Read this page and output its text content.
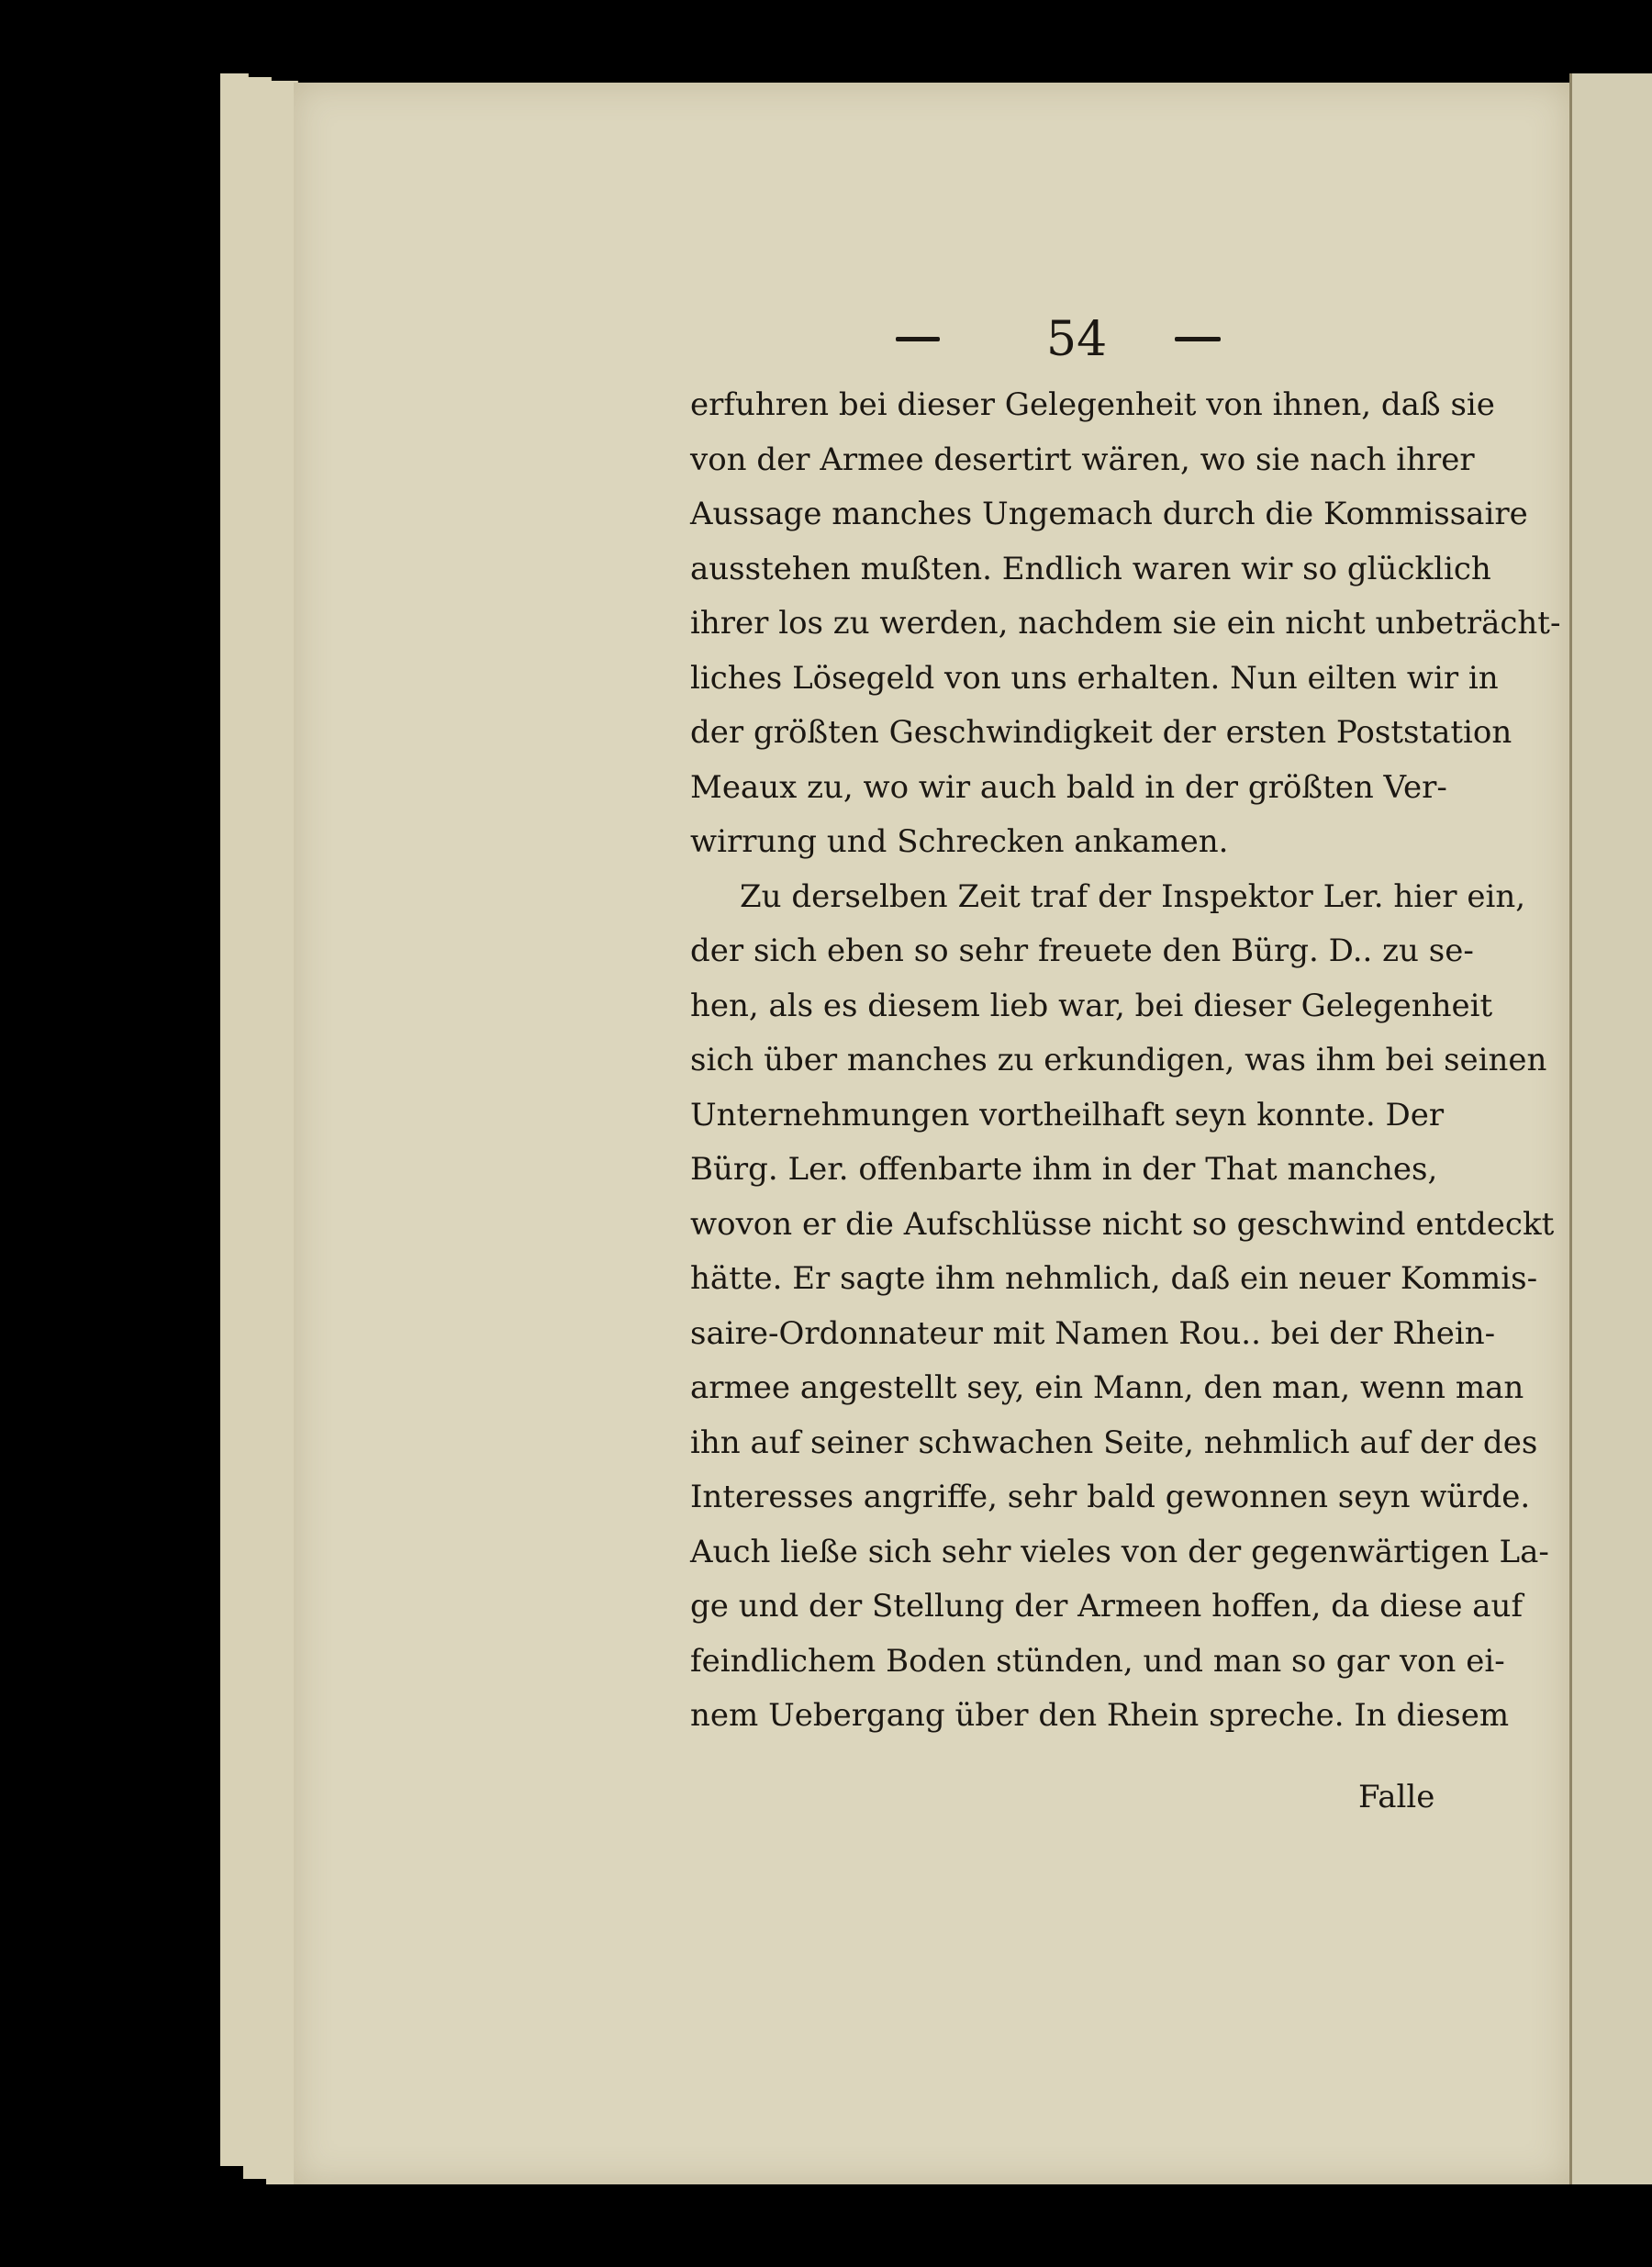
54
erfuhren bei dieser Gelegenheit von ihnen, daß sie
von der Armee desertirt wären, wo sie nach ihrer
Aussage manches Ungemach durch die Kommissaire
ausstehen mußten. Endlich waren wir so glücklich
ihrer los zu werden, nachdem sie ein nicht unbeträcht-
liches Lösegeld von uns erhalten. Nun eilten wir in
der größten Geschwindigkeit der ersten Poststation
Meaux zu, wo wir auch bald in der größten Ver-
wirrung und Schrecken ankamen.
Zu derselben Zeit traf der Inspektor Ler. hier ein,
der sich eben so sehr freuete den Bürg. D.. zu se-
hen, als es diesem lieb war, bei dieser Gelegenheit
sich über manches zu erkundigen, was ihm bei seinen
Unternehmungen vortheilhaft seyn konnte. Der
Bürg. Ler. offenbarte ihm in der That manches,
wovon er die Aufschlüsse nicht so geschwind entdeckt
hätte. Er sagte ihm nehmlich, daß ein neuer Kommis-
saire-Ordonnateur mit Namen Rou.. bei der Rhein-
armee angestellt sey, ein Mann, den man, wenn man
ihn auf seiner schwachen Seite, nehmlich auf der des
Interesses angriffe, sehr bald gewonnen seyn würde.
Auch ließe sich sehr vieles von der gegenwärtigen La-
ge und der Stellung der Armeen hoffen, da diese auf
feindlichem Boden stünden, und man so gar von ei-
nem Uebergang über den Rhein spreche. In diesem
Falle
